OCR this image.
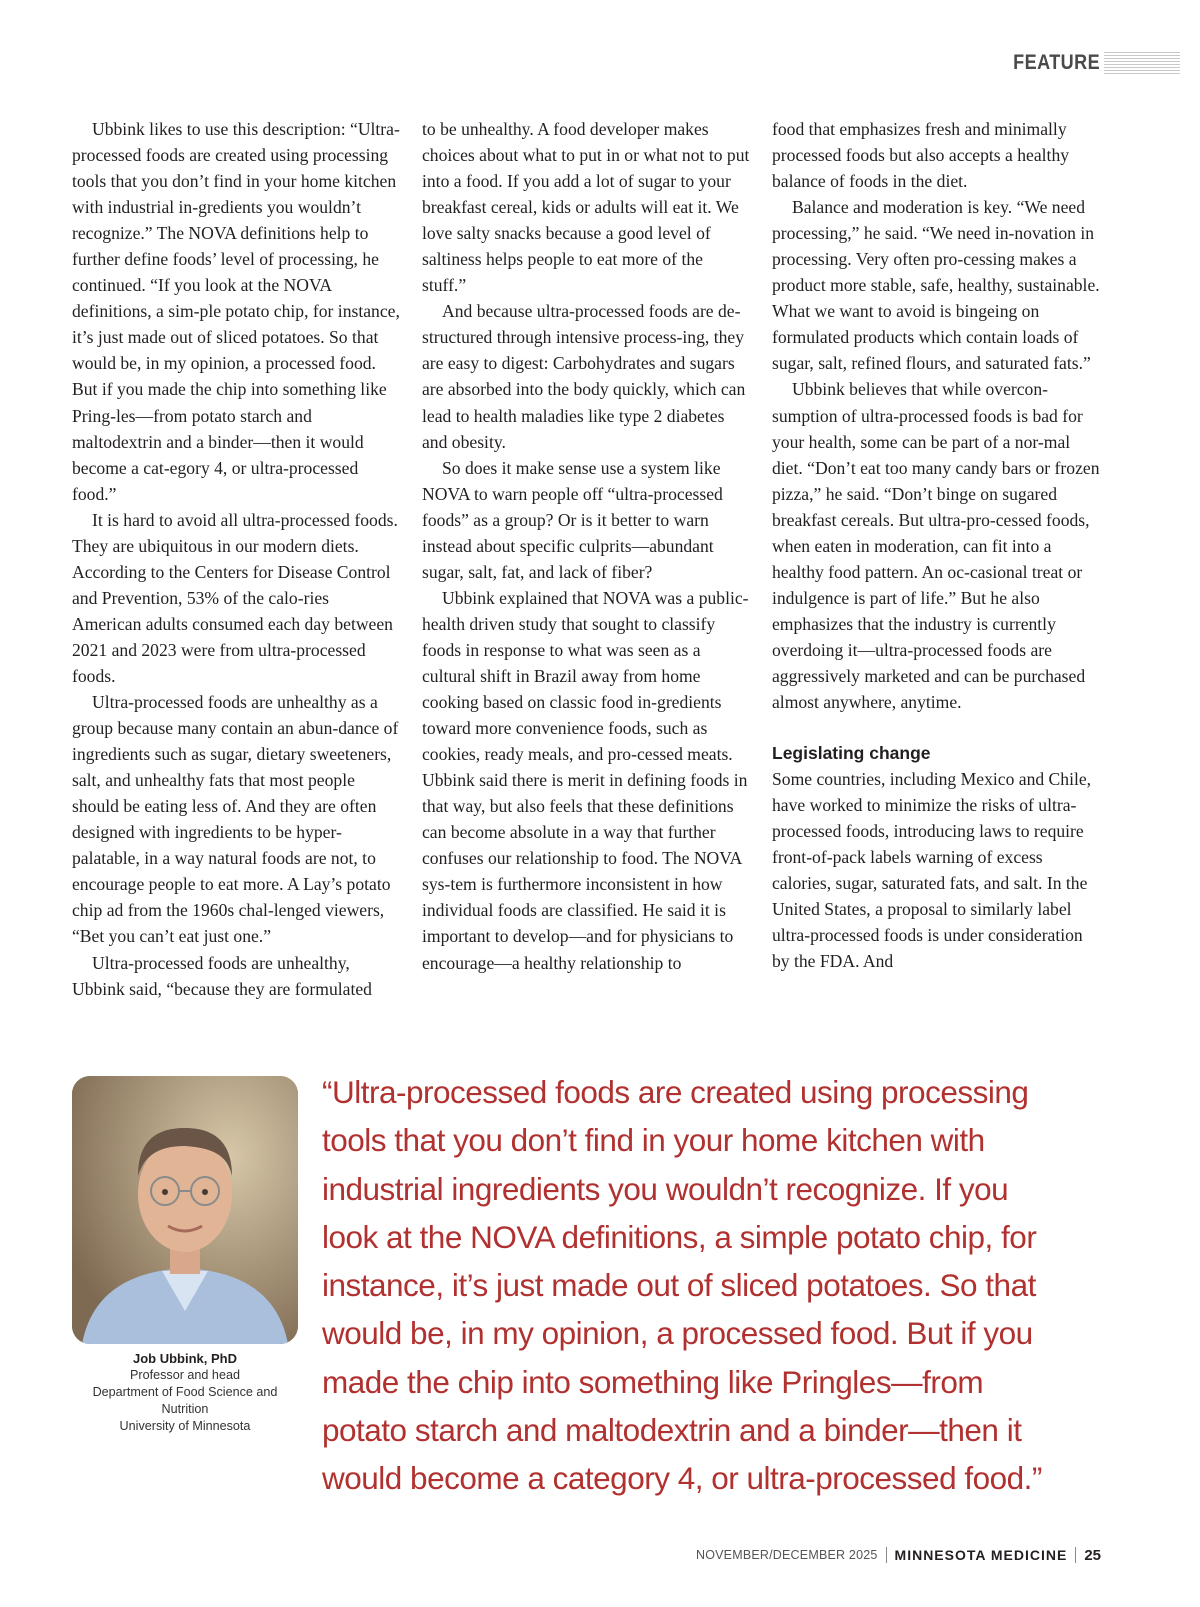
FEATURE

Ubbink likes to use this description: “Ultra-processed foods are created using processing tools that you don’t find in your home kitchen with industrial in-gredients you wouldn’t recognize.” The NOVA definitions help to further define foods’ level of processing, he continued. “If you look at the NOVA definitions, a sim-ple potato chip, for instance, it’s just made out of sliced potatoes. So that would be, in my opinion, a processed food. But if you made the chip into something like Pring-les—from potato starch and maltodextrin and a binder—then it would become a cat-egory 4, or ultra-processed food.”

It is hard to avoid all ultra-processed foods. They are ubiquitous in our modern diets. According to the Centers for Disease Control and Prevention, 53% of the calo-ries American adults consumed each day between 2021 and 2023 were from ultra-processed foods.

Ultra-processed foods are unhealthy as a group because many contain an abun-dance of ingredients such as sugar, dietary sweeteners, salt, and unhealthy fats that most people should be eating less of. And they are often designed with ingredients to be hyper-palatable, in a way natural foods are not, to encourage people to eat more. A Lay’s potato chip ad from the 1960s chal-lenged viewers, “Bet you can’t eat just one.”

Ultra-processed foods are unhealthy, Ubbink said, “because they are formulated

to be unhealthy. A food developer makes choices about what to put in or what not to put into a food. If you add a lot of sugar to your breakfast cereal, kids or adults will eat it. We love salty snacks because a good level of saltiness helps people to eat more of the stuff.”

And because ultra-processed foods are de-structured through intensive process-ing, they are easy to digest: Carbohydrates and sugars are absorbed into the body quickly, which can lead to health maladies like type 2 diabetes and obesity.

So does it make sense use a system like NOVA to warn people off “ultra-processed foods” as a group? Or is it better to warn instead about specific culprits—abundant sugar, salt, fat, and lack of fiber?

Ubbink explained that NOVA was a public-health driven study that sought to classify foods in response to what was seen as a cultural shift in Brazil away from home cooking based on classic food in-gredients toward more convenience foods, such as cookies, ready meals, and pro-cessed meats. Ubbink said there is merit in defining foods in that way, but also feels that these definitions can become absolute in a way that further confuses our relationship to food. The NOVA sys-tem is furthermore inconsistent in how individual foods are classified. He said it is important to develop—and for physicians to encourage—a healthy relationship to

food that emphasizes fresh and minimally processed foods but also accepts a healthy balance of foods in the diet.

Balance and moderation is key. “We need processing,” he said. “We need in-novation in processing. Very often pro-cessing makes a product more stable, safe, healthy, sustainable. What we want to avoid is bingeing on formulated products which contain loads of sugar, salt, refined flours, and saturated fats.”

Ubbink believes that while overcon-sumption of ultra-processed foods is bad for your health, some can be part of a nor-mal diet. “Don’t eat too many candy bars or frozen pizza,” he said. “Don’t binge on sugared breakfast cereals. But ultra-pro-cessed foods, when eaten in moderation, can fit into a healthy food pattern. An oc-casional treat or indulgence is part of life.” But he also emphasizes that the industry is currently overdoing it—ultra-processed foods are aggressively marketed and can be purchased almost anywhere, anytime.

Legislating change

Some countries, including Mexico and Chile, have worked to minimize the risks of ultra-processed foods, introducing laws to require front-of-pack labels warning of excess calories, sugar, saturated fats, and salt. In the United States, a proposal to similarly label ultra-processed foods is under consideration by the FDA. And

Job Ubbink, PhD
Professor and head
Department of Food Science and Nutrition
University of Minnesota

“Ultra-processed foods are created using processing
tools that you don’t find in your home kitchen with
industrial ingredients you wouldn’t recognize. If you
look at the NOVA definitions, a simple potato chip, for
instance, it’s just made out of sliced potatoes. So that
would be, in my opinion, a processed food. But if you
made the chip into something like Pringles—from
potato starch and maltodextrin and a binder—then it
would become a category 4, or ultra-processed food.”

NOVEMBER/DECEMBER 2025 MINNESOTA MEDICINE 25
